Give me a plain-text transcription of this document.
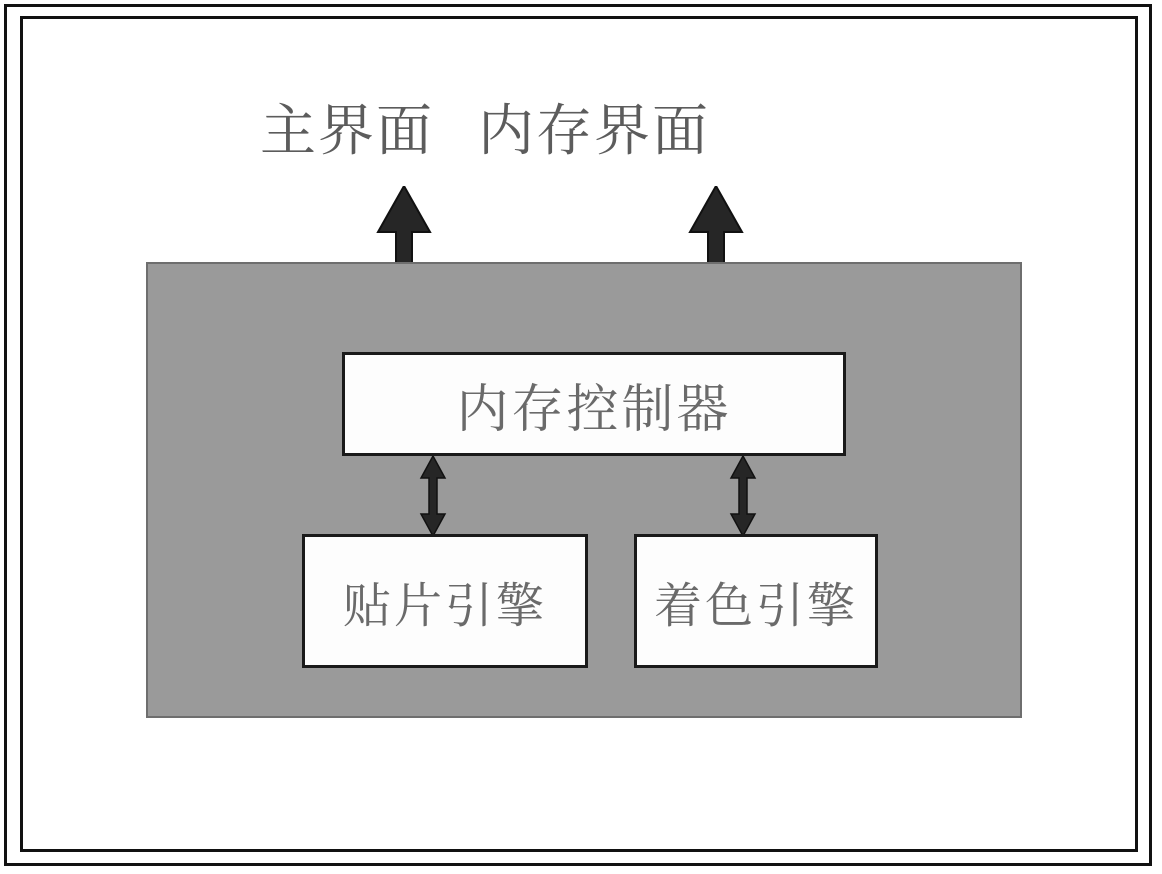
主界面 内存界面
内存控制器
贴片引擎 着色引擎
